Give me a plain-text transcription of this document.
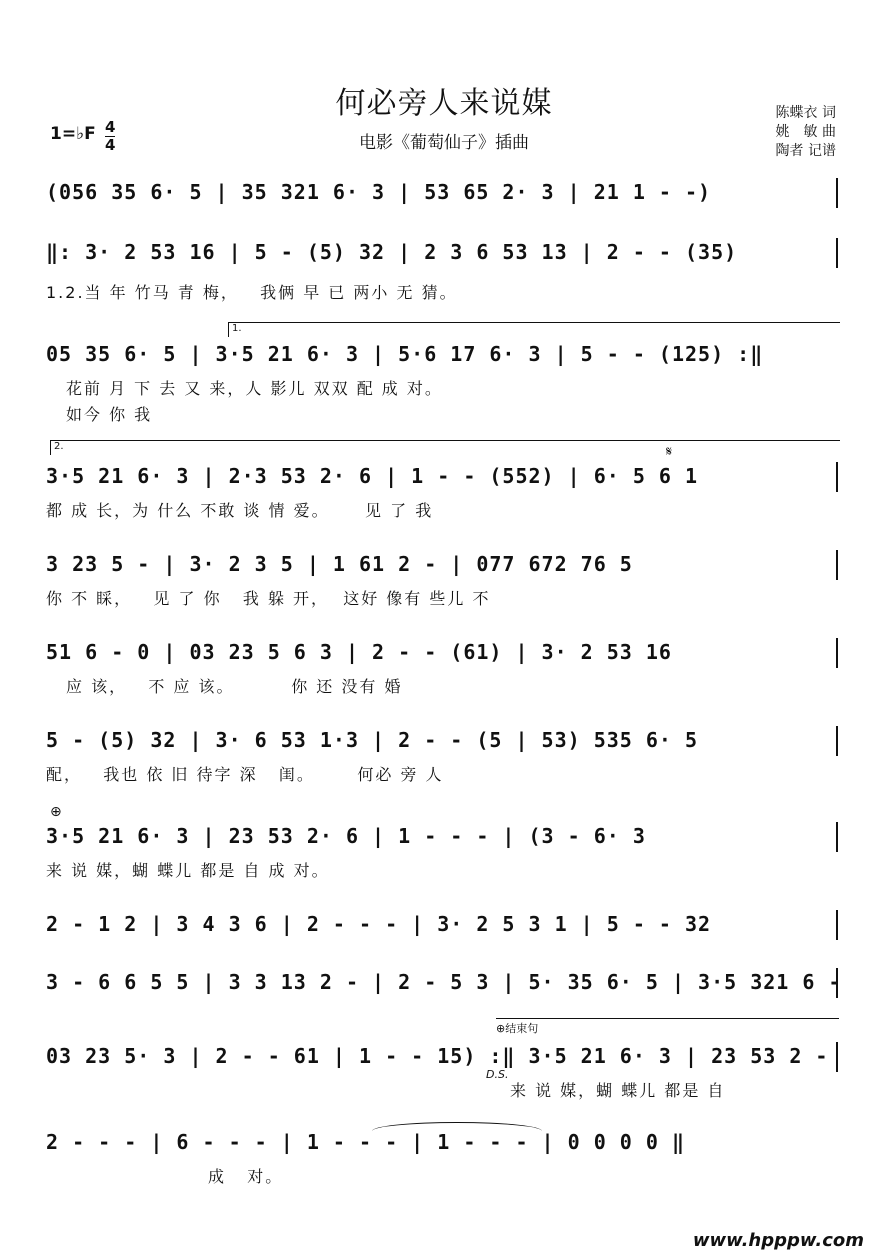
何必旁人来说媒
电影《葡萄仙子》插曲
陈蝶衣 词
姚　敏 曲
陶者 记谱
1=♭F $\frac{4}{4}$
(056 35 6· 5 | 35 321 6· 3 | 53 65 2· 3 | 21 1 - -)
‖: 3· 2 53 16 | 5 - (5) 32 | 2 3 6 53 13 | 2 - - (35)
1.2.当 年 竹马 青 梅，   我俩 早 已 两小 无 猜。
1.
05 35 6· 5 | 3·5 21 6· 3 | 5·6 17 6· 3 | 5 - - (125) :‖
花前 月 下 去 又 来，人 影儿 双双 配 成 对。
如今 你 我
2.	𝄋
3·5 21 6· 3 | 2·3 53 2· 6 | 1 - - (552) | 6· 5 6 1
都 成 长，为 什么 不敢 谈 情 爱。     见 了 我
3 23 5 - | 3· 2 3 5 | 1 61 2 - | 077 672 76 5
你 不 睬，   见 了 你   我 躲 开，  这好 像有 些儿 不
51 6 - 0 | 03 23 5 6 3 | 2 - - (61) | 3· 2 53 16
应 该，   不 应 该。        你 还 没有 婚
5 - (5) 32 | 3· 6 53 1·3 | 2 - - (5 | 53) 535 6· 5
配，   我也 依 旧 待字 深   闺。      何必 旁 人
⊕
3·5 21 6· 3 | 23 53 2· 6 | 1 - - - | (3 - 6· 3
来 说 媒，蝴 蝶儿 都是 自 成 对。
2 - 1 2 | 3 4 3 6 | 2 - - - | 3· 2 5 3 1 | 5 - - 32
3 - 6 6 5 5 | 3 3 13 2 - | 2 - 5 3 | 5· 35 6· 5 | 3·5 321 6 -
⊕结束句
03 23 5· 3 | 2 - - 61 | 1 - - 15) :‖ 3·5 21 6· 3 | 23 53 2 -
D.S.
来 说 媒，蝴 蝶儿 都是 自
2 - - - | 6 - - - | 1 - - - | 1 - - - | 0 0 0 0 ‖
成   对。
www.hpppw.com
